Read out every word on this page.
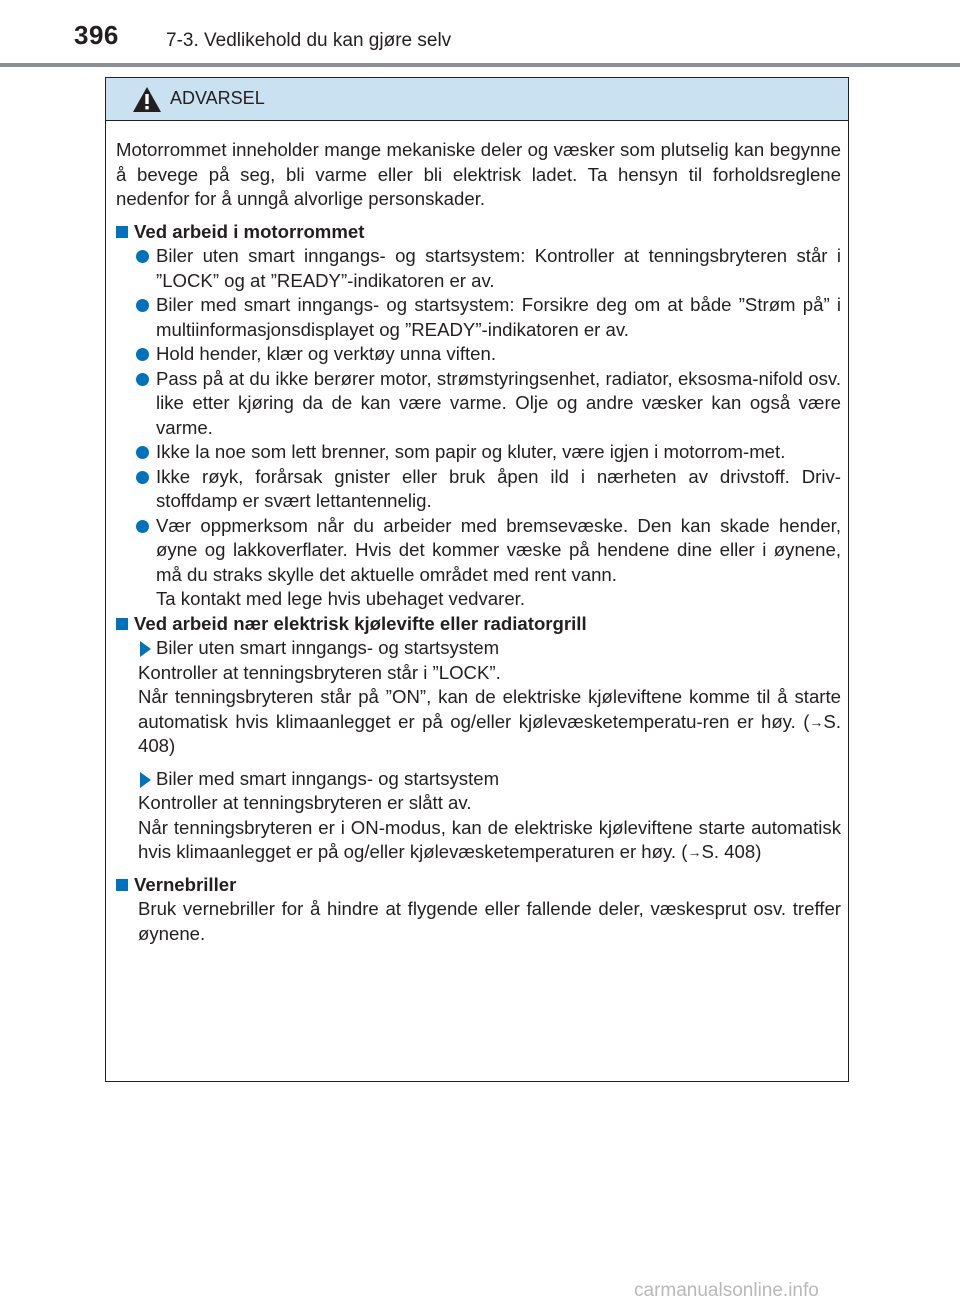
396 7-3. Vedlikehold du kan gjøre selv
ADVARSEL

Motorrommet inneholder mange mekaniske deler og væsker som plutselig kan begynne å bevege på seg, bli varme eller bli elektrisk ladet. Ta hensyn til forholdsreglene nedenfor for å unngå alvorlige personskader.

Ved arbeid i motorrommet

Biler uten smart inngangs- og startsystem: Kontroller at tenningsbryteren står i ”LOCK” og at ”READY”-indikatoren er av.

Biler med smart inngangs- og startsystem: Forsikre deg om at både ”Strøm på” i multiinformasjonsdisplayet og ”READY”-indikatoren er av.

Hold hender, klær og verktøy unna viften.

Pass på at du ikke berører motor, strømstyringsenhet, radiator, eksosma-nifold osv. like etter kjøring da de kan være varme. Olje og andre væsker kan også være varme.

Ikke la noe som lett brenner, som papir og kluter, være igjen i motorrom-met.

Ikke røyk, forårsak gnister eller bruk åpen ild i nærheten av drivstoff. Driv-stoffdamp er svært lettantennelig.

Vær oppmerksom når du arbeider med bremsevæske. Den kan skade hender, øyne og lakkoverflater. Hvis det kommer væske på hendene dine eller i øynene, må du straks skylle det aktuelle området med rent vann.

Ta kontakt med lege hvis ubehaget vedvarer.

Ved arbeid nær elektrisk kjølevifte eller radiatorgrill

Biler uten smart inngangs- og startsystem

Kontroller at tenningsbryteren står i ”LOCK”.
Når tenningsbryteren står på ”ON”, kan de elektriske kjøleviftene komme til å starte automatisk hvis klimaanlegget er på og/eller kjølevæsketemperatu-ren er høy. (→S. 408)

Biler med smart inngangs- og startsystem

Kontroller at tenningsbryteren er slått av.
Når tenningsbryteren er i ON-modus, kan de elektriske kjøleviftene starte automatisk hvis klimaanlegget er på og/eller kjølevæsketemperaturen er høy. (→S. 408)

Vernebriller

Bruk vernebriller for å hindre at flygende eller fallende deler, væskesprut osv. treffer øynene.

carmanualsonline.info
